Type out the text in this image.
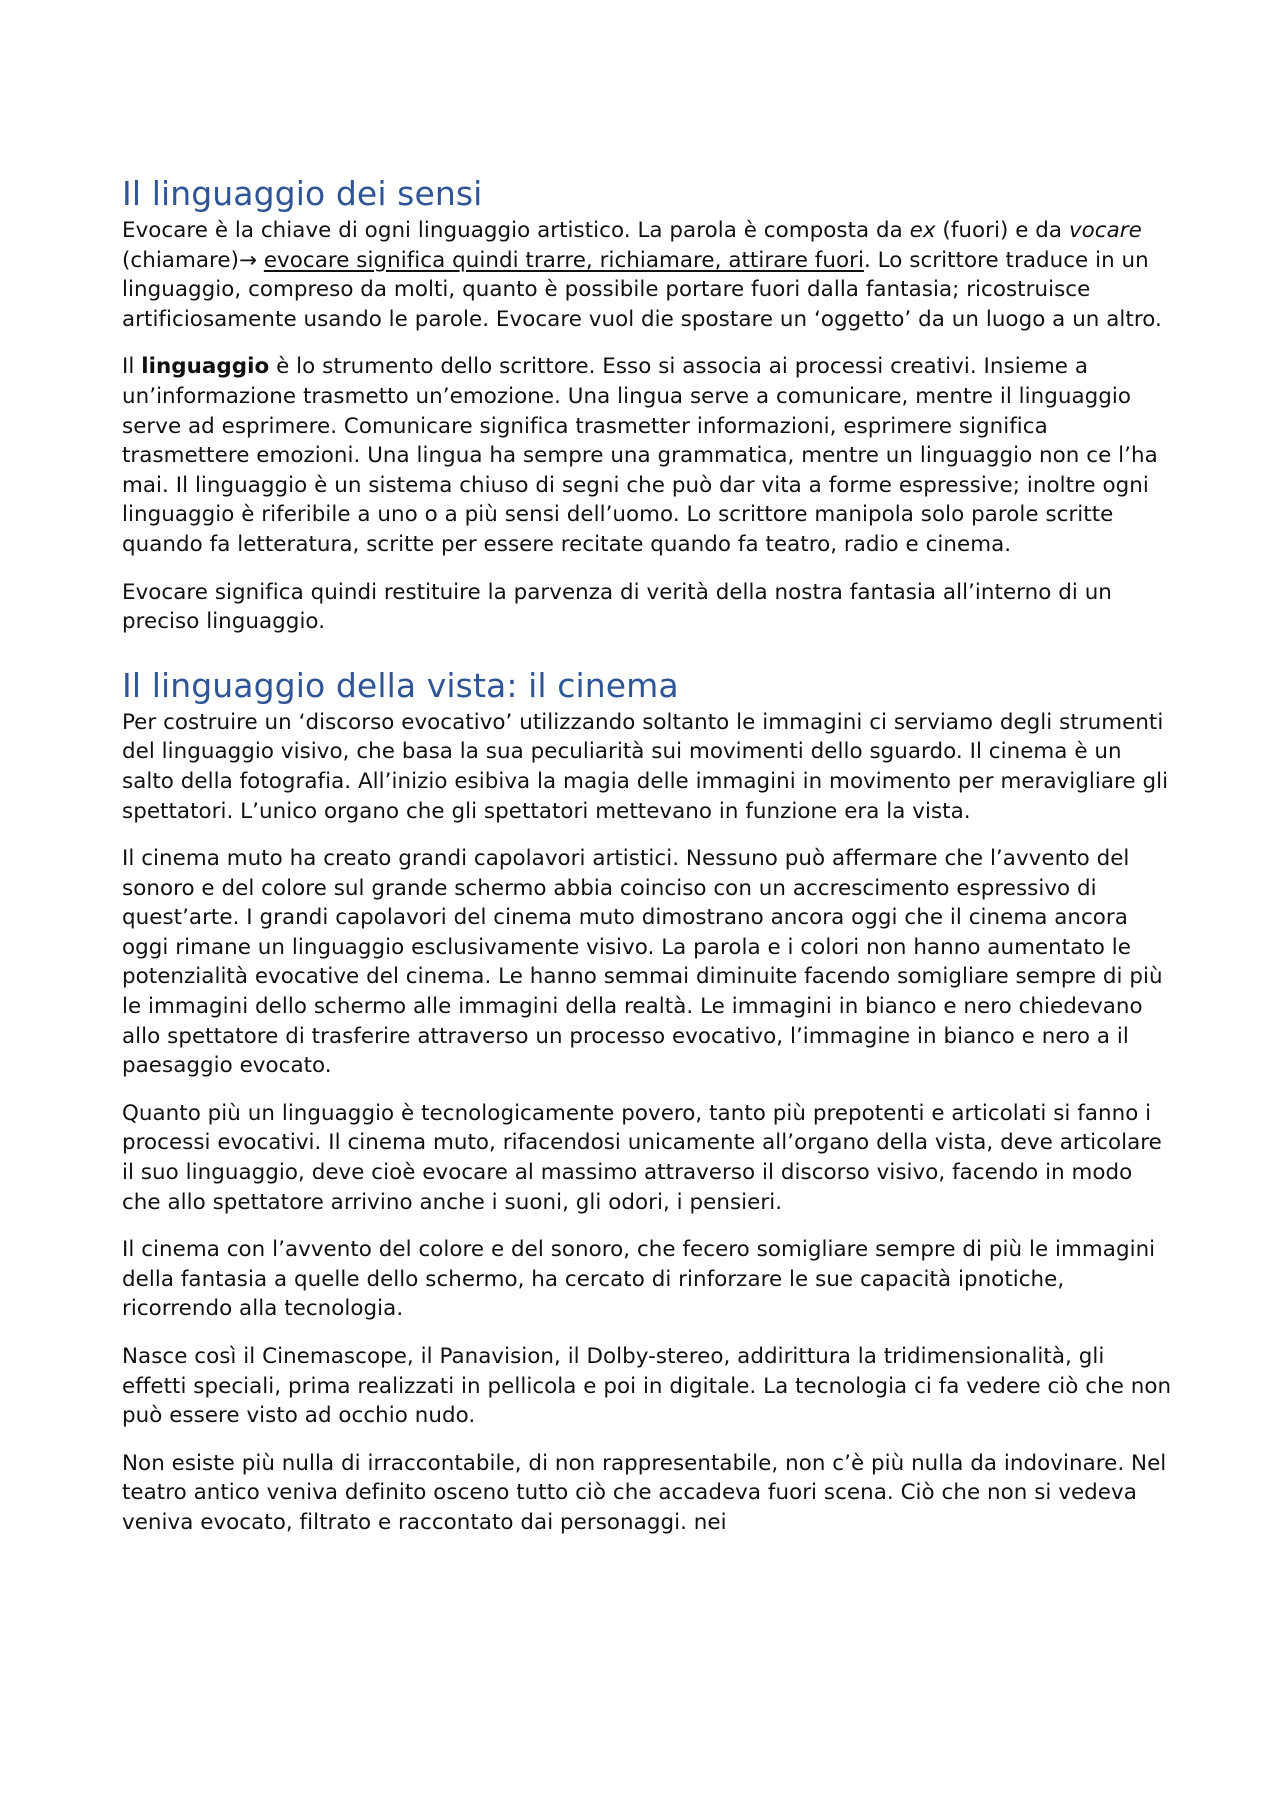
Il linguaggio dei sensi

Evocare è la chiave di ogni linguaggio artistico. La parola è composta da ex (fuori) e da vocare (chiamare)→ evocare significa quindi trarre, richiamare, attirare fuori. Lo scrittore traduce in un linguaggio, compreso da molti, quanto è possibile portare fuori dalla fantasia; ricostruisce artificiosamente usando le parole. Evocare vuol die spostare un ‘oggetto’ da un luogo a un altro.

Il linguaggio è lo strumento dello scrittore. Esso si associa ai processi creativi. Insieme a un’informazione trasmetto un’emozione. Una lingua serve a comunicare, mentre il linguaggio serve ad esprimere. Comunicare significa trasmetter informazioni, esprimere significa trasmettere emozioni. Una lingua ha sempre una grammatica, mentre un linguaggio non ce l’ha mai. Il linguaggio è un sistema chiuso di segni che può dar vita a forme espressive; inoltre ogni linguaggio è riferibile a uno o a più sensi dell’uomo. Lo scrittore manipola solo parole scritte quando fa letteratura, scritte per essere recitate quando fa teatro, radio e cinema.

Evocare significa quindi restituire la parvenza di verità della nostra fantasia all’interno di un preciso linguaggio.

Il linguaggio della vista: il cinema

Per costruire un ‘discorso evocativo’ utilizzando soltanto le immagini ci serviamo degli strumenti del linguaggio visivo, che basa la sua peculiarità sui movimenti dello sguardo. Il cinema è un salto della fotografia. All’inizio esibiva la magia delle immagini in movimento per meravigliare gli spettatori. L’unico organo che gli spettatori mettevano in funzione era la vista.

Il cinema muto ha creato grandi capolavori artistici. Nessuno può affermare che l’avvento del sonoro e del colore sul grande schermo abbia coinciso con un accrescimento espressivo di quest’arte. I grandi capolavori del cinema muto dimostrano ancora oggi che il cinema ancora oggi rimane un linguaggio esclusivamente visivo. La parola e i colori non hanno aumentato le potenzialità evocative del cinema. Le hanno semmai diminuite facendo somigliare sempre di più le immagini dello schermo alle immagini della realtà. Le immagini in bianco e nero chiedevano allo spettatore di trasferire attraverso un processo evocativo, l’immagine in bianco e nero a il paesaggio evocato.

Quanto più un linguaggio è tecnologicamente povero, tanto più prepotenti e articolati si fanno i processi evocativi. Il cinema muto, rifacendosi unicamente all’organo della vista, deve articolare il suo linguaggio, deve cioè evocare al massimo attraverso il discorso visivo, facendo in modo che allo spettatore arrivino anche i suoni, gli odori, i pensieri.

Il cinema con l’avvento del colore e del sonoro, che fecero somigliare sempre di più le immagini della fantasia a quelle dello schermo, ha cercato di rinforzare le sue capacità ipnotiche, ricorrendo alla tecnologia.

Nasce così il Cinemascope, il Panavision, il Dolby-stereo, addirittura la tridimensionalità, gli effetti speciali, prima realizzati in pellicola e poi in digitale. La tecnologia ci fa vedere ciò che non può essere visto ad occhio nudo.

Non esiste più nulla di irraccontabile, di non rappresentabile, non c’è più nulla da indovinare. Nel teatro antico veniva definito osceno tutto ciò che accadeva fuori scena. Ciò che non si vedeva veniva evocato, filtrato e raccontato dai personaggi. nei
